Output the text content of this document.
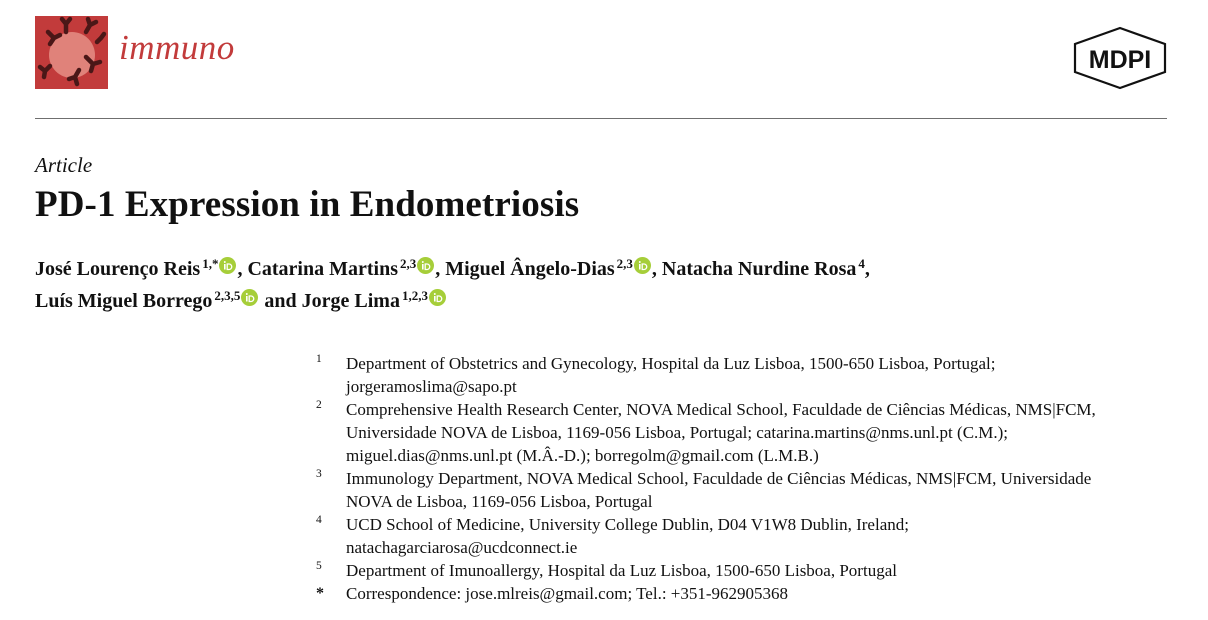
immuno	MDPI
Article
PD-1 Expression in Endometriosis
José Lourenço Reis $^{1,*}$ , Catarina Martins $^{2,3}$ , Miguel Ângelo-Dias $^{2,3}$ , Natacha Nurdine Rosa $^4$,
Luís Miguel Borrego $^{2,3,5}$
and Jorge Lima $^{1,2,3}$
1 Department of Obstetrics and Gynecology, Hospital da Luz Lisboa, 1500-650 Lisboa, Portugal;
jorgeramoslima@sapo.pt
2 Comprehensive Health Research Center, NOVA Medical School, Faculdade de Ciências Médicas, NMS|FCM,
Universidade NOVA de Lisboa, 1169-056 Lisboa, Portugal; catarina.martins@nms.unl.pt (C.M.);
miguel.dias@nms.unl.pt (M.Â.-D.); borregolm@gmail.com (L.M.B.)
3 Immunology Department, NOVA Medical School, Faculdade de Ciências Médicas, NMS|FCM, Universidade
NOVA de Lisboa, 1169-056 Lisboa, Portugal
4 UCD School of Medicine, University College Dublin, D04 V1W8 Dublin, Ireland;
natachagarciarosa@ucdconnect.ie
5 Department of Imunoallergy, Hospital da Luz Lisboa, 1500-650 Lisboa, Portugal
* Correspondence: jose.mlreis@gmail.com; Tel.: +351-962905368
